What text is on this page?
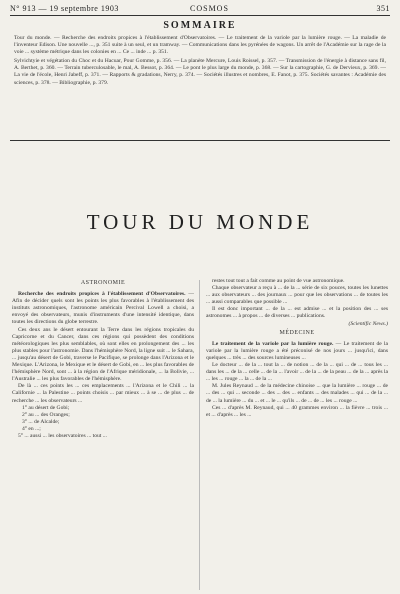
N° 913 — 19 septembre 1903	COSMOS	351
SOMMAIRE

Tour du monde. — Recherche des endroits propices à l'établissement d'Observatoires. — Le traitement de la variole par la lumière rouge. — La maladie de l'inventeur Edison. Une nouvelle ..., p. 351 suite à un seul, et un tramway. — Communications dans les pyrénées de wagons. Un arrêt de l'Académie sur la rage de la voie ... système métrique dans les colonies en ... Ce ... inde ... p. 351.

Sylvichtyie et végétation du Choc et du Hacuar, Pour Gomme, p. 356. — La planète Mercure, Louis Roissel, p. 357. — Transmission de l'énergie à distance sans fil, A. Berthet, p. 360. — Terrain tuberculosable, le mal, A. Bessot, p. 364. — Le pont le plus large du monde, p. 368. — Sur la cartographie, G. de Dervieux, p. 369. — La vie de l'école, Henri Jabeff, p. 371. — Rapports & gradations, Nerry, p. 374. — Sociétés illustres et nombres, E. Fanot, p. 375. Sociétés savantes : Académie des sciences, p. 378. — Bibliographie, p. 379.

TOUR DU MONDE

ASTRONOMIE

Recherche des endroits propices à l'établissement d'Observatoires. — Afin de décider quels sont les points les plus favorables à l'établissement des instituts astronomiques, l'astronome américain Percival Lowell a choisi, a envoyé des observateurs, munis d'instruments d'une intensité identique, dans toutes les directions du globe terrestre.

Ces deux ans le désert entourant la Terre dans les régions tropicales du Capricorne et du Cancer, dans ces régions qui possèdent des conditions météorologiques les plus semblables, où sont elles en prolongement des ... les plus stables pour l'astronomie. Dans l'hémisphère Nord, la ligne suit ... le Sahara, ... jusqu'au désert de Gobi, traverse le Pacifique, se prolonge dans l'Arizona et le Mexique. L'Arizona, le Mexique et le désert de Gobi, en ... les plus favorables de l'hémisphère Nord, sont ... à la région de l'Afrique méridionale, ... la Bolivie, ... l'Australie ... les plus favorables de l'hémisphère.

De là ... ces points les ... ces emplacements ... l'Arizona et le Chili ... la Californie ... la Palestine ... points choisis ... par mieux ... à se ... de plus ... de recherche ... les observateurs ...

1° au désert de Gobi;

2° au ... des Oranges;

3° ... de Alcalde;

4° en ...;

5° ... aussi ... les observatoires ... tout ...

restes tout tout a fait comme au point de vue astronomique.

Chaque observateur a reçu à ... de la ... série de six pouces, toutes les lunettes ... aux observateurs ... des journaux ... pour que les observations ... de toutes les ... aussi comparables que possible ...

Il est donc important ... de la ... est admise ... et la position des ... ses astronomes ... à propos ... de diverses ... publications.

(Scientific News.)

MÉDECINE

Le traitement de la variole par la lumière rouge. — Le traitement de la variole par la lumière rouge a été préconisé de nos jours ... jusqu'ici, dans quelques ... très ... des sources lumineuses ...

Le docteur ... de la ... tout la ... de notion ... de la ... qui ... de ... tous les ... dans les ... de la ... celle ... de la ... l'avoir ... de la ... de la peau ... de la ... après la ... les ... rouge ... la ... de la ...

M. Jules Reynaud ... de la médecine chinoise ... que la lumière ... rouge ... de ... des ... qui ... seconde ... des ... des ... enfants ... des malades ... qui ... de la ... de ... la lumière ... du ... et ... le ... qu'ils ... de ... de ... les ... rouge ...

Ces ... d'après M. Reynaud, qui ... 40 grammes environ ... la fièvre ... trois ... et ... d'après ... les ...
